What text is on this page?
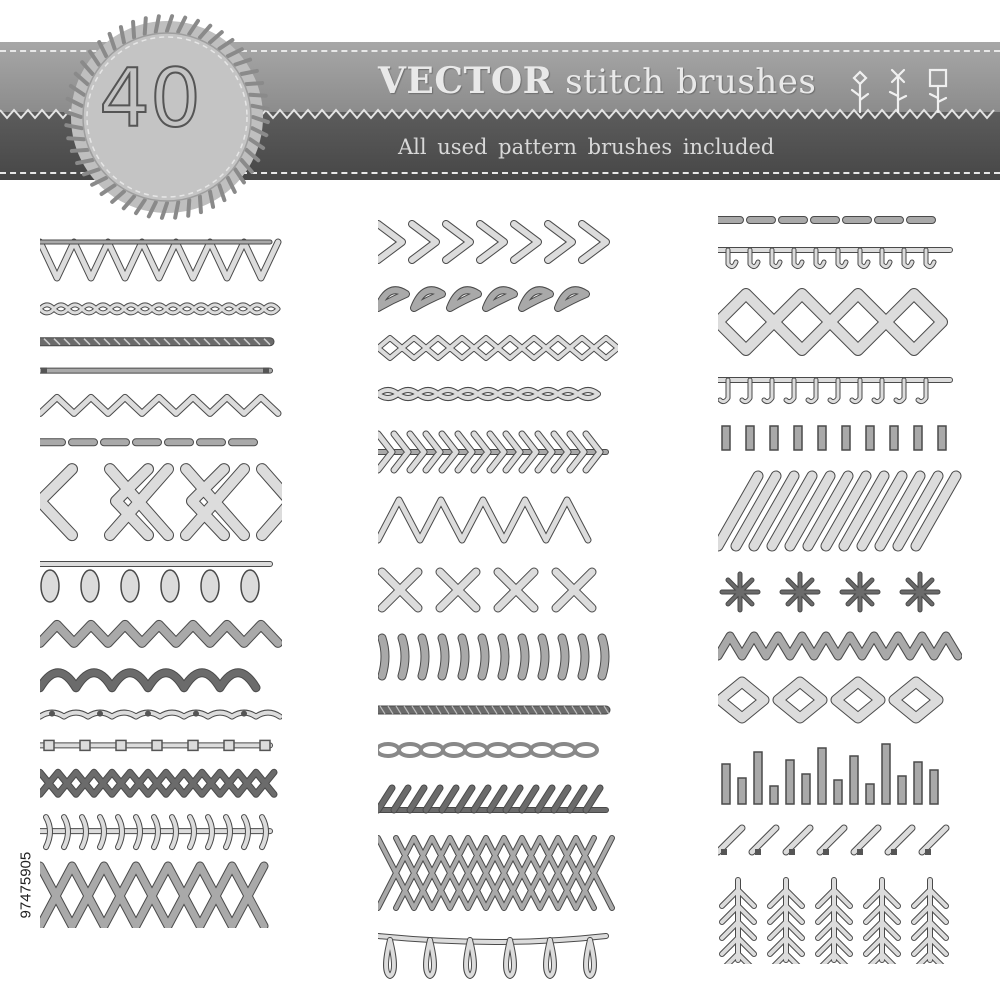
VECTOR stitch brushes
All used pattern brushes included
40
97475905
